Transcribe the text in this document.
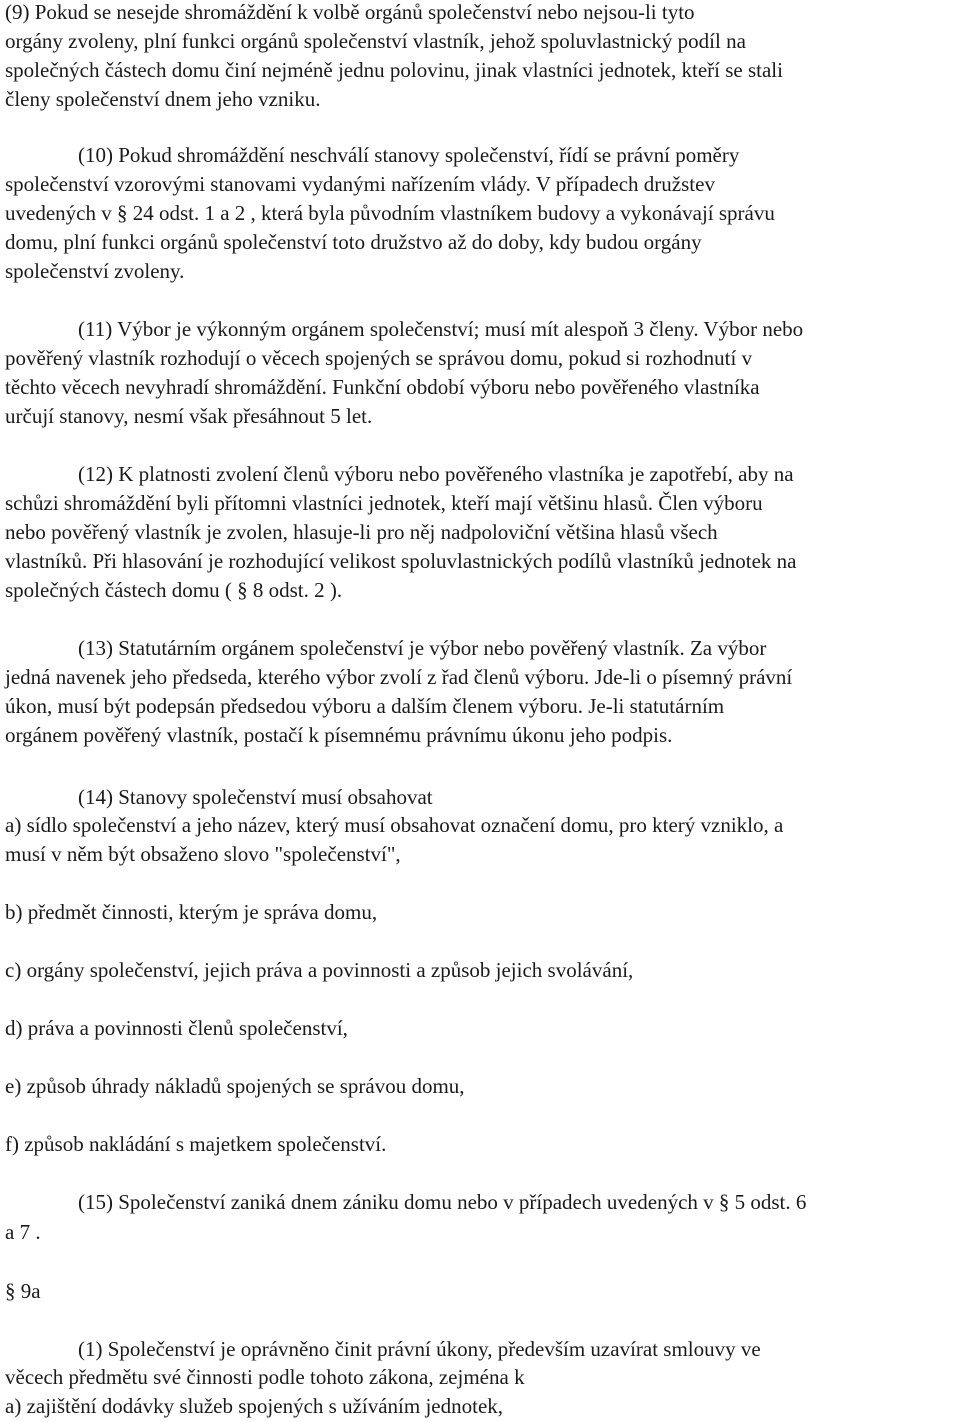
(9) Pokud se nesejde shromáždění k volbě orgánů společenství nebo nejsou-li tyto
orgány zvoleny, plní funkci orgánů společenství vlastník, jehož spoluvlastnický podíl na
společných částech domu činí nejméně jednu polovinu, jinak vlastníci jednotek, kteří se stali
členy společenství dnem jeho vzniku.
(10) Pokud shromáždění neschválí stanovy společenství, řídí se právní poměry
společenství vzorovými stanovami vydanými nařízením vlády. V případech družstev
uvedených v § 24 odst. 1 a 2 , která byla původním vlastníkem budovy a vykonávají správu
domu, plní funkci orgánů společenství toto družstvo až do doby, kdy budou orgány
společenství zvoleny.
(11) Výbor je výkonným orgánem společenství; musí mít alespoň 3 členy. Výbor nebo
pověřený vlastník rozhodují o věcech spojených se správou domu, pokud si rozhodnutí v
těchto věcech nevyhradí shromáždění. Funkční období výboru nebo pověřeného vlastníka
určují stanovy, nesmí však přesáhnout 5 let.
(12) K platnosti zvolení členů výboru nebo pověřeného vlastníka je zapotřebí, aby na
schůzi shromáždění byli přítomni vlastníci jednotek, kteří mají většinu hlasů. Člen výboru
nebo pověřený vlastník je zvolen, hlasuje-li pro něj nadpoloviční většina hlasů všech
vlastníků. Při hlasování je rozhodující velikost spoluvlastnických podílů vlastníků jednotek na
společných částech domu ( § 8 odst. 2 ).
(13) Statutárním orgánem společenství je výbor nebo pověřený vlastník. Za výbor
jedná navenek jeho předseda, kterého výbor zvolí z řad členů výboru. Jde-li o písemný právní
úkon, musí být podepsán předsedou výboru a dalším členem výboru. Je-li statutárním
orgánem pověřený vlastník, postačí k písemnému právnímu úkonu jeho podpis.
(14) Stanovy společenství musí obsahovat
a) sídlo společenství a jeho název, který musí obsahovat označení domu, pro který vzniklo, a
musí v něm být obsaženo slovo "společenství",
b) předmět činnosti, kterým je správa domu,
c) orgány společenství, jejich práva a povinnosti a způsob jejich svolávání,
d) práva a povinnosti členů společenství,
e) způsob úhrady nákladů spojených se správou domu,
f) způsob nakládání s majetkem společenství.
(15) Společenství zaniká dnem zániku domu nebo v případech uvedených v § 5 odst. 6
a 7 .
§ 9a
(1) Společenství je oprávněno činit právní úkony, především uzavírat smlouvy ve
věcech předmětu své činnosti podle tohoto zákona, zejména k
a) zajištění dodávky služeb spojených s užíváním jednotek,
